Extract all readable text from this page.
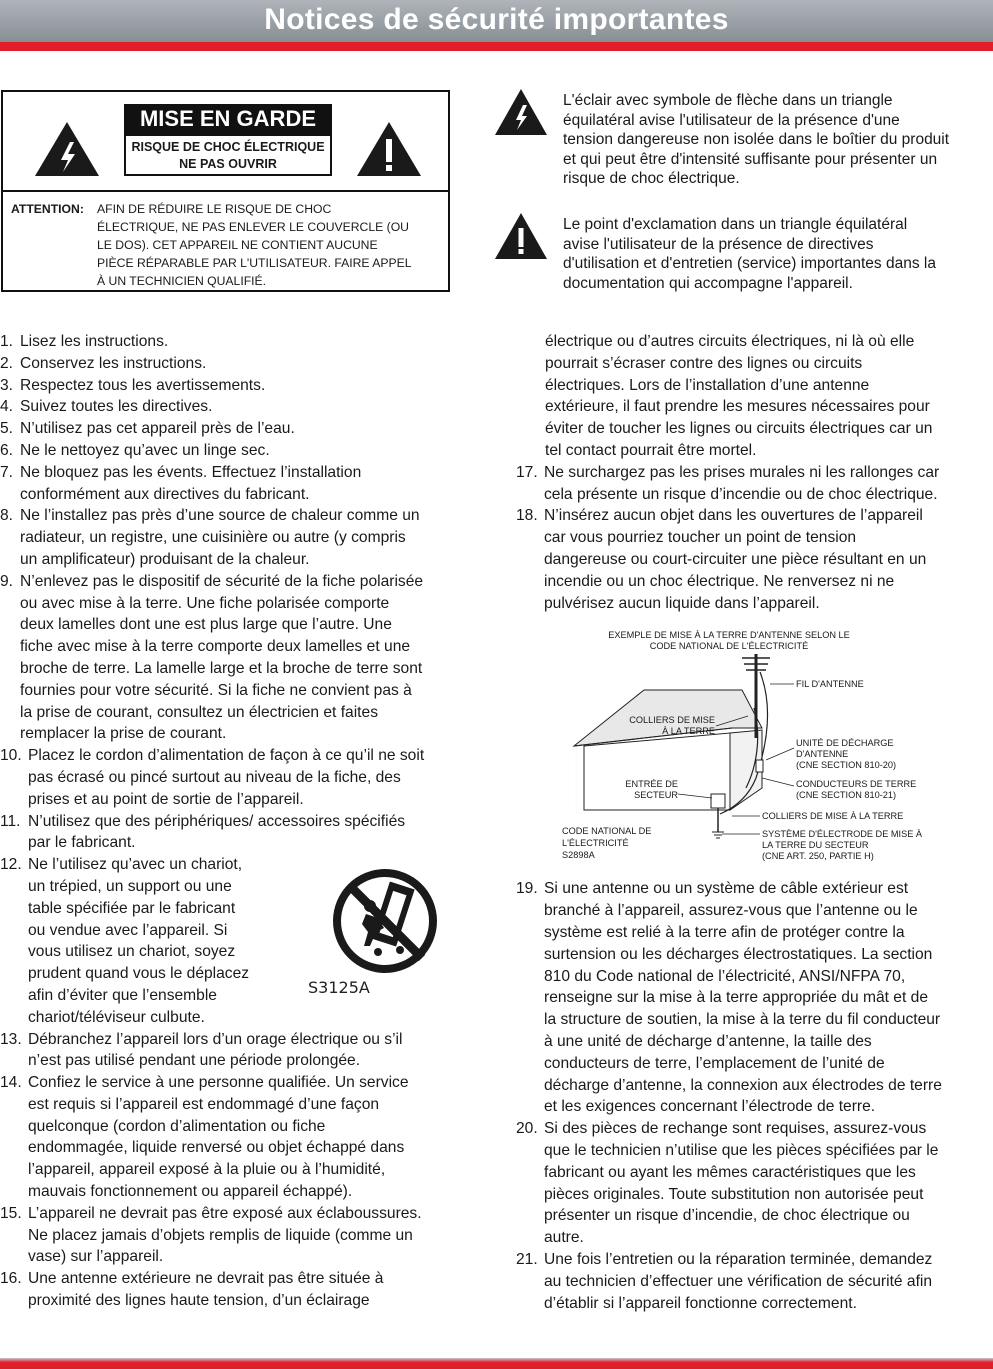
Notices de sécurité importantes
MISE EN GARDE
RISQUE DE CHOC ÉLECTRIQUE
NE PAS OUVRIR
ATTENTION: AFIN DE RÉDUIRE LE RISQUE DE CHOC
ÉLECTRIQUE, NE PAS ENLEVER LE COUVERCLE (OU
LE DOS). CET APPAREIL NE CONTIENT AUCUNE
PIÈCE RÉPARABLE PAR L'UTILISATEUR. FAIRE APPEL
À UN TECHNICIEN QUALIFIÉ.
L'éclair avec symbole de flèche dans un triangle
équilatéral avise l'utilisateur de la présence d'une
tension dangereuse non isolée dans le boîtier du produit
et qui peut être d'intensité suffisante pour présenter un
risque de choc électrique.
Le point d'exclamation dans un triangle équilatéral
avise l'utilisateur de la présence de directives
d'utilisation et d'entretien (service) importantes dans la
documentation qui accompagne l'appareil.
1. Lisez les instructions.
2. Conservez les instructions.
3. Respectez tous les avertissements.
4. Suivez toutes les directives.
5. N’utilisez pas cet appareil près de l’eau.
6. Ne le nettoyez qu’avec un linge sec.
7. Ne bloquez pas les évents. Effectuez l’installation
conformément aux directives du fabricant.
8. Ne l’installez pas près d’une source de chaleur comme un
radiateur, un registre, une cuisinière ou autre (y compris
un amplificateur) produisant de la chaleur.
9. N’enlevez pas le dispositif de sécurité de la fiche polarisée
ou avec mise à la terre. Une fiche polarisée comporte
deux lamelles dont une est plus large que l’autre. Une
fiche avec mise à la terre comporte deux lamelles et une
broche de terre. La lamelle large et la broche de terre sont
fournies pour votre sécurité. Si la fiche ne convient pas à
la prise de courant, consultez un électricien et faites
remplacer la prise de courant.
10. Placez le cordon d’alimentation de façon à ce qu’il ne soit
pas écrasé ou pincé surtout au niveau de la fiche, des
prises et au point de sortie de l’appareil.
11. N’utilisez que des périphériques/ accessoires spécifiés
par le fabricant.
12. Ne l’utilisez qu’avec un chariot,
un trépied, un support ou une
table spécifiée par le fabricant
ou vendue avec l’appareil. Si
vous utilisez un chariot, soyez
prudent quand vous le déplacez
afin d’éviter que l’ensemble
chariot/téléviseur culbute.
13. Débranchez l’appareil lors d’un orage électrique ou s’il
n’est pas utilisé pendant une période prolongée.
14. Confiez le service à une personne qualifiée. Un service
est requis si l’appareil est endommagé d’une façon
quelconque (cordon d’alimentation ou fiche
endommagée, liquide renversé ou objet échappé dans
l’appareil, appareil exposé à la pluie ou à l’humidité,
mauvais fonctionnement ou appareil échappé).
15. L’appareil ne devrait pas être exposé aux éclaboussures.
Ne placez jamais d’objets remplis de liquide (comme un
vase) sur l’appareil.
16. Une antenne extérieure ne devrait pas être située à
proximité des lignes haute tension, d’un éclairage
S3125A
électrique ou d’autres circuits électriques, ni là où elle
pourrait s’écraser contre des lignes ou circuits
électriques. Lors de l’installation d’une antenne
extérieure, il faut prendre les mesures nécessaires pour
éviter de toucher les lignes ou circuits électriques car un
tel contact pourrait être mortel.
17. Ne surchargez pas les prises murales ni les rallonges car
cela présente un risque d’incendie ou de choc électrique.
18. N’insérez aucun objet dans les ouvertures de l’appareil
car vous pourriez toucher un point de tension
dangereuse ou court-circuiter une pièce résultant en un
incendie ou un choc électrique. Ne renversez ni ne
pulvérisez aucun liquide dans l’appareil.
19. Si une antenne ou un système de câble extérieur est
branché à l’appareil, assurez-vous que l’antenne ou le
système est relié à la terre afin de protéger contre la
surtension ou les décharges électrostatiques. La section
810 du Code national de l’électricité, ANSI/NFPA 70,
renseigne sur la mise à la terre appropriée du mât et de
la structure de soutien, la mise à la terre du fil conducteur
à une unité de décharge d’antenne, la taille des
conducteurs de terre, l’emplacement de l’unité de
décharge d’antenne, la connexion aux électrodes de terre
et les exigences concernant l’électrode de terre.
20. Si des pièces de rechange sont requises, assurez-vous
que le technicien n’utilise que les pièces spécifiées par le
fabricant ou ayant les mêmes caractéristiques que les
pièces originales. Toute substitution non autorisée peut
présenter un risque d’incendie, de choc électrique ou
autre.
21. Une fois l’entretien ou la réparation terminée, demandez
au technicien d’effectuer une vérification de sécurité afin
d’établir si l’appareil fonctionne correctement.
EXEMPLE DE MISE À LA TERRE D'ANTENNE SELON LE
CODE NATIONAL DE L'ÉLECTRICITÉ
FIL D'ANTENNE
COLLIERS DE MISE
À LA TERRE
UNITÉ DE DÉCHARGE
D'ANTENNE
(CNE SECTION 810-20)
ENTRÉE DE
SECTEUR
CONDUCTEURS DE TERRE
(CNE SECTION 810-21)
COLLIERS DE MISE À LA TERRE
CODE NATIONAL DE
L'ÉLECTRICITÉ
S2898A
SYSTÈME D'ÉLECTRODE DE MISE À
LA TERRE DU SECTEUR
(CNE ART. 250, PARTIE H)
